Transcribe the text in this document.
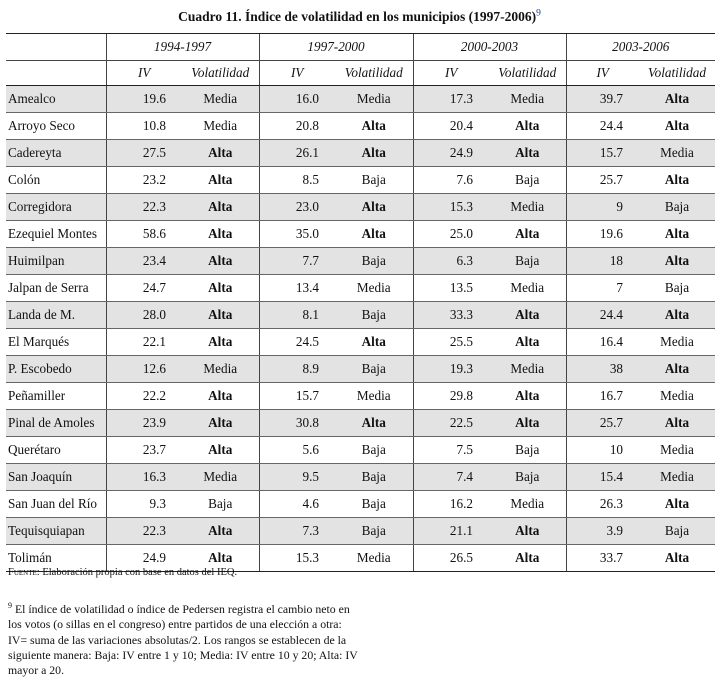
Cuadro 11. Índice de volatilidad en los municipios (1997-2006)$^9$
	1994-1997		1997-2000		2000-2003		2003-2006	
	IV	Volatilidad	IV	Volatilidad	IV	Volatilidad	IV	Volatilidad
Amealco	19.6	Media	16.0	Media	17.3	Media	39.7	Alta
Arroyo Seco	10.8	Media	20.8	Alta	20.4	Alta	24.4	Alta
Cadereyta	27.5	Alta	26.1	Alta	24.9	Alta	15.7	Media
Colón	23.2	Alta	8.5	Baja	7.6	Baja	25.7	Alta
Corregidora	22.3	Alta	23.0	Alta	15.3	Media	9	Baja
Ezequiel Montes	58.6	Alta	35.0	Alta	25.0	Alta	19.6	Alta
Huimilpan	23.4	Alta	7.7	Baja	6.3	Baja	18	Alta
Jalpan de Serra	24.7	Alta	13.4	Media	13.5	Media	7	Baja
Landa de M.	28.0	Alta	8.1	Baja	33.3	Alta	24.4	Alta
El Marqués	22.1	Alta	24.5	Alta	25.5	Alta	16.4	Media
P. Escobedo	12.6	Media	8.9	Baja	19.3	Media	38	Alta
Peñamiller	22.2	Alta	15.7	Media	29.8	Alta	16.7	Media
Pinal de Amoles	23.9	Alta	30.8	Alta	22.5	Alta	25.7	Alta
Querétaro	23.7	Alta	5.6	Baja	7.5	Baja	10	Media
San Joaquín	16.3	Media	9.5	Baja	7.4	Baja	15.4	Media
San Juan del Río	9.3	Baja	4.6	Baja	16.2	Media	26.3	Alta
Tequisquiapan	22.3	Alta	7.3	Baja	21.1	Alta	3.9	Baja
Tolimán	24.9	Alta	15.3	Media	26.5	Alta	33.7	Alta
Fuente: Elaboración propia con base en datos del IEQ.
$^9$ El índice de volatilidad o índice de Pedersen registra el cambio neto en los votos (o sillas en el congreso) entre partidos de una elección a otra: IV= suma de las variaciones absolutas/2. Los rangos se establecen de la siguiente manera: Baja: IV entre 1 y 10; Media: IV entre 10 y 20; Alta: IV mayor a 20.
